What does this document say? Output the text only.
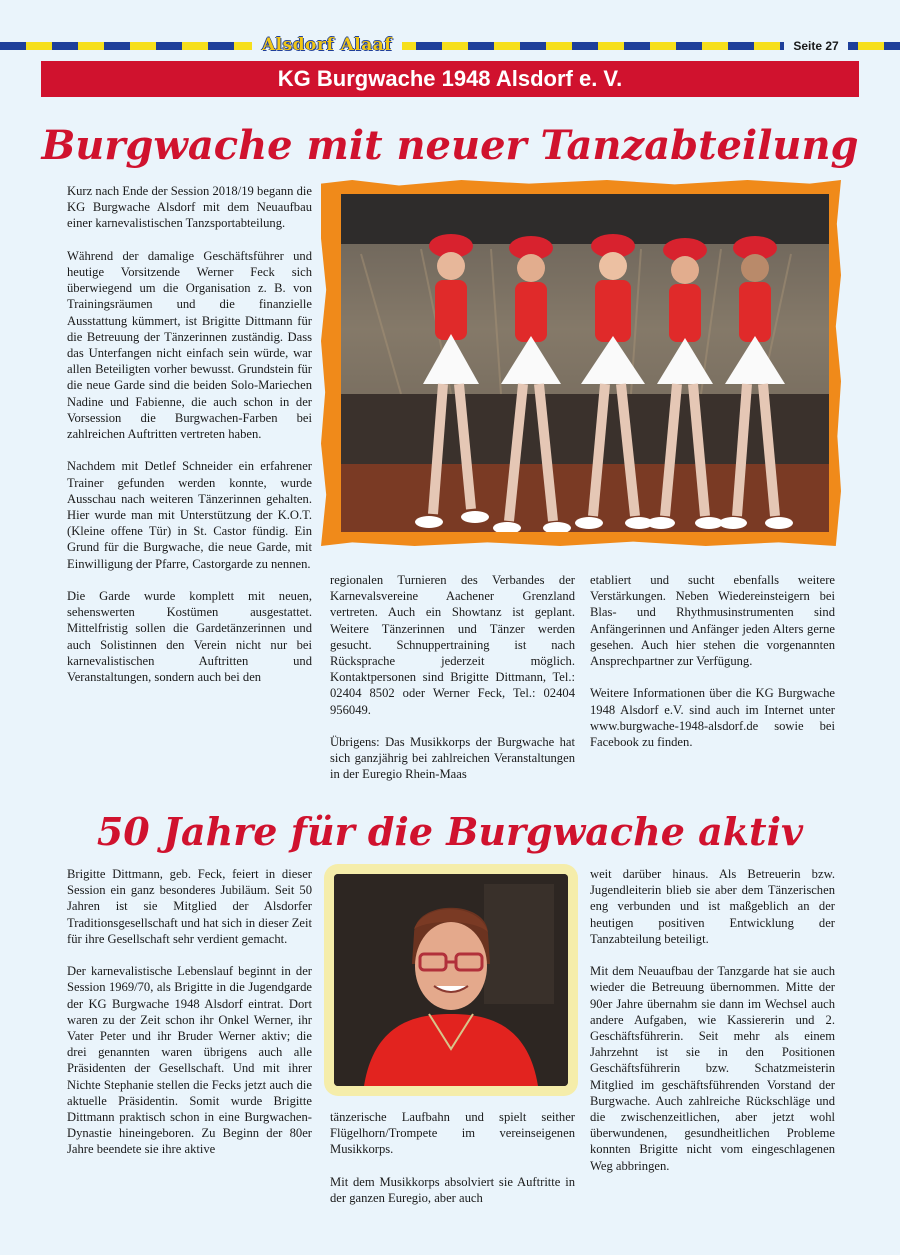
Alsdorf Alaaf	Seite 27
KG Burgwache 1948 Alsdorf e. V.
Burgwache mit neuer Tanzabteilung

Kurz nach Ende der Session 2018/19 begann die KG Burgwache Alsdorf mit dem Neuaufbau einer karnevalistischen Tanzsportabteilung.

Während der damalige Geschäftsführer und heutige Vorsitzende Werner Feck sich überwiegend um die Organisation z. B. von Trainingsräumen und die finanzielle Ausstattung kümmert, ist Brigitte Dittmann für die Betreuung der Tänzerinnen zuständig. Dass das Unterfangen nicht einfach sein würde, war allen Beteiligten vorher bewusst. Grundstein für die neue Garde sind die beiden Solo-Mariechen Nadine und Fabienne, die auch schon in der Vorsession die Burgwachen-Farben bei zahlreichen Auftritten vertreten haben.

Nachdem mit Detlef Schneider ein erfahrener Trainer gefunden werden konnte, wurde Ausschau nach weiteren Tänzerinnen gehalten. Hier wurde man mit Unterstützung der K.O.T. (Kleine offene Tür) in St. Castor fündig. Ein Grund für die Burgwache, die neue Garde, mit Einwilligung der Pfarre, Castorgarde zu nennen.

Die Garde wurde komplett mit neuen, sehenswerten Kostümen ausgestattet. Mittelfristig sollen die Gardetänzerinnen und auch Solistinnen den Verein nicht nur bei karnevalistischen Auftritten und Veranstaltungen, sondern auch bei den

regionalen Turnieren des Verbandes der Karnevalsvereine Aachener Grenzland vertreten. Auch ein Showtanz ist geplant. Weitere Tänzerinnen und Tänzer werden gesucht. Schnuppertraining ist nach Rücksprache jederzeit möglich. Kontaktpersonen sind Brigitte Dittmann, Tel.: 02404 8502 oder Werner Feck, Tel.: 02404 956049.

Übrigens: Das Musikkorps der Burgwache hat sich ganzjährig bei zahlreichen Veranstaltungen in der Euregio Rhein-Maas

etabliert und sucht ebenfalls weitere Verstärkungen. Neben Wiedereinsteigern bei Blas- und Rhythmusinstrumenten sind Anfängerinnen und Anfänger jeden Alters gerne gesehen. Auch hier stehen die vorgenannten Ansprechpartner zur Verfügung.

Weitere Informationen über die KG Burgwache 1948 Alsdorf e.V. sind auch im Internet unter www.burgwache-1948-alsdorf.de sowie bei Facebook zu finden.

50 Jahre für die Burgwache aktiv

Brigitte Dittmann, geb. Feck, feiert in dieser Session ein ganz besonderes Jubiläum. Seit 50 Jahren ist sie Mitglied der Alsdorfer Traditionsgesellschaft und hat sich in dieser Zeit für ihre Gesellschaft sehr verdient gemacht.

Der karnevalistische Lebenslauf beginnt in der Session 1969/70, als Brigitte in die Jugendgarde der KG Burgwache 1948 Alsdorf eintrat. Dort waren zu der Zeit schon ihr Onkel Werner, ihr Vater Peter und ihr Bruder Werner aktiv; die drei genannten waren übrigens auch alle Präsidenten der Gesellschaft. Und mit ihrer Nichte Stephanie stellen die Fecks jetzt auch die aktuelle Präsidentin. Somit wurde Brigitte Dittmann praktisch schon in eine Burgwachen-Dynastie hineingeboren. Zu Beginn der 80er Jahre beendete sie ihre aktive

tänzerische Laufbahn und spielt seither Flügelhorn/Trompete im vereinseigenen Musikkorps.

Mit dem Musikkorps absolviert sie Auftritte in der ganzen Euregio, aber auch

weit darüber hinaus. Als Betreuerin bzw. Jugendleiterin blieb sie aber dem Tänzerischen eng verbunden und ist maßgeblich an der heutigen positiven Entwicklung der Tanzabteilung beteiligt.

Mit dem Neuaufbau der Tanzgarde hat sie auch wieder die Betreuung übernommen. Mitte der 90er Jahre übernahm sie dann im Wechsel auch andere Aufgaben, wie Kassiererin und 2. Geschäftsführerin. Seit mehr als einem Jahrzehnt ist sie in den Positionen Geschäftsführerin bzw. Schatzmeisterin Mitglied im geschäftsführenden Vorstand der Burgwache. Auch zahlreiche Rückschläge und die zwischenzeitlichen, aber jetzt wohl überwundenen, gesundheitlichen Probleme konnten Brigitte nicht vom eingeschlagenen Weg abbringen.
